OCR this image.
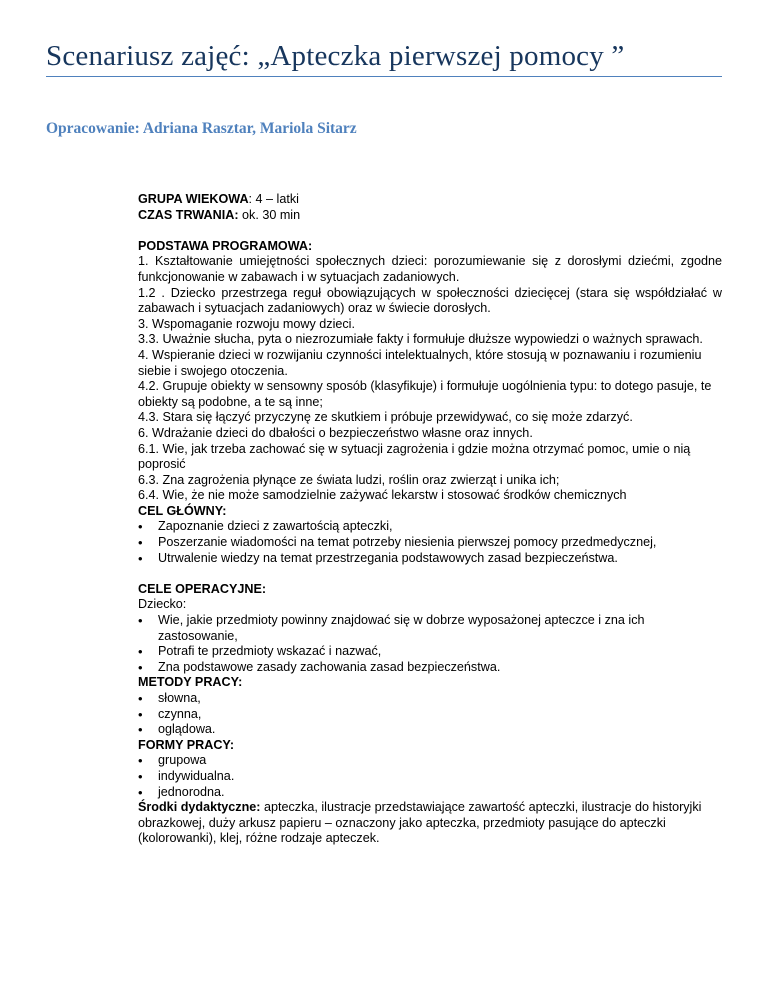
Scenariusz zajęć: „Apteczka pierwszej pomocy ”
Opracowanie: Adriana Rasztar, Mariola Sitarz

GRUPA WIEKOWA: 4 – latki

CZAS TRWANIA: ok. 30 min

PODSTAWA PROGRAMOWA:

1. Kształtowanie umiejętności społecznych dzieci: porozumiewanie się z dorosłymi dziećmi, zgodne funkcjonowanie w zabawach i w sytuacjach zadaniowych.

1.2 . Dziecko przestrzega reguł obowiązujących w społeczności dziecięcej (stara się współdziałać w zabawach i sytuacjach zadaniowych) oraz w świecie dorosłych.

3. Wspomaganie rozwoju mowy dzieci.

3.3. Uważnie słucha, pyta o niezrozumiałe fakty i formułuje dłuższe wypowiedzi o ważnych sprawach.

4. Wspieranie dzieci w rozwijaniu czynności intelektualnych, które stosują w poznawaniu i rozumieniu siebie i swojego otoczenia.

4.2. Grupuje obiekty w sensowny sposób (klasyfikuje) i formułuje uogólnienia typu: to dotego pasuje, te obiekty są podobne, a te są inne;

4.3. Stara się łączyć przyczynę ze skutkiem i próbuje przewidywać, co się może zdarzyć.

6. Wdrażanie dzieci do dbałości o bezpieczeństwo własne oraz innych.

6.1. Wie, jak trzeba zachować się w sytuacji zagrożenia i gdzie można otrzymać pomoc, umie o nią poprosić

6.3. Zna zagrożenia płynące ze świata ludzi, roślin oraz zwierząt i unika ich;

6.4. Wie, że nie może samodzielnie zażywać lekarstw i stosować środków chemicznych

CEL GŁÓWNY:

• Zapoznanie dzieci z zawartością apteczki,
• Poszerzanie wiadomości na temat potrzeby niesienia pierwszej pomocy przedmedycznej,
• Utrwalenie wiedzy na temat przestrzegania podstawowych zasad bezpieczeństwa.

CELE OPERACYJNE:

Dziecko:

• Wie, jakie przedmioty powinny znajdować się w dobrze wyposażonej apteczce i zna ich zastosowanie,
• Potrafi te przedmioty wskazać i nazwać,
• Zna podstawowe zasady zachowania zasad bezpieczeństwa.

METODY PRACY:

• słowna,
• czynna,
• oglądowa.

FORMY PRACY:

• grupowa
• indywidualna.
• jednorodna.

Środki dydaktyczne: apteczka, ilustracje przedstawiające zawartość apteczki, ilustracje do historyjki obrazkowej, duży arkusz papieru – oznaczony jako apteczka, przedmioty pasujące do apteczki (kolorowanki), klej, różne rodzaje apteczek.
